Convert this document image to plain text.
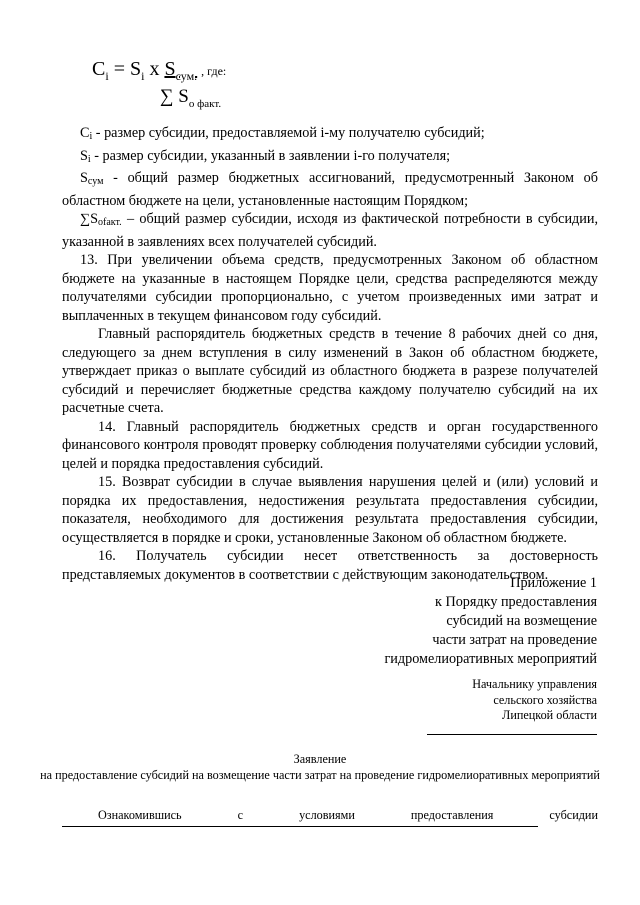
$C_i = S_i$ x $S_{сум.}$ , где:
∑ $S_{о факт.}$

Ci - размер субсидии, предоставляемой i-му получателю субсидий;

Si - размер субсидии, указанный в заявлении i-го получателя;

Sсум - общий размер бюджетных ассигнований, предусмотренный Законом об областном бюджете на цели, установленные настоящим Порядком;

∑Sofакт. – общий размер субсидии, исходя из фактической потребности в субсидии, указанной в заявлениях всех получателей субсидий.

13. При увеличении объема средств, предусмотренных Законом об областном бюджете на указанные в настоящем Порядке цели, средства распределяются между получателями субсидии пропорционально, с учетом произведенных ими затрат и выплаченных в текущем финансовом году субсидий.

Главный распорядитель бюджетных средств в течение 8 рабочих дней со дня, следующего за днем вступления в силу изменений в Закон об областном бюджете, утверждает приказ о выплате субсидий из областного бюджета в разрезе получателей субсидий и перечисляет бюджетные средства каждому получателю субсидий на их расчетные счета.

14. Главный распорядитель бюджетных средств и орган государственного финансового контроля проводят проверку соблюдения получателями субсидии условий, целей и порядка предоставления субсидий.

15. Возврат субсидии в случае выявления нарушения целей и (или) условий и порядка их предоставления, недостижения результата предоставления субсидии, показателя, необходимого для достижения результата предоставления субсидии, осуществляется в порядке и сроки, установленные Законом об областном бюджете.

16. Получатель субсидии несет ответственность за достоверность представляемых документов в соответствии с действующим законодательством.

Приложение 1
к Порядку предоставления
субсидий на возмещение
части затрат на проведение
гидромелиоративных мероприятий
Начальнику управления
сельского хозяйства
Липецкой области
Заявление
на предоставление субсидий на возмещение части затрат на проведение гидромелиоративных мероприятий
Ознакомившись	с	условиями	предоставления	субсидии
